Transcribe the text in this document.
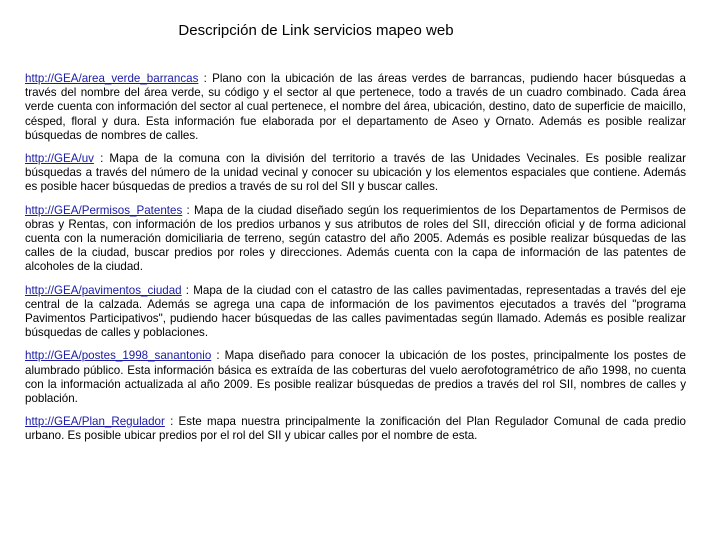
Descripción de Link servicios mapeo web

http://GEA/area_verde_barrancas : Plano con la ubicación de las áreas verdes de barrancas, pudiendo hacer búsquedas a través del nombre del área verde, su código y el sector al que pertenece, todo a través de un cuadro combinado. Cada área verde cuenta con información del sector al cual pertenece, el nombre del área, ubicación, destino, dato de superficie de maicillo, césped, floral y dura. Esta información fue elaborada por el departamento de Aseo y Ornato. Además es posible realizar búsquedas de nombres de calles.

http://GEA/uv : Mapa de la comuna con la división del territorio a través de las Unidades Vecinales. Es posible realizar búsquedas a través del número de la unidad vecinal y conocer su ubicación y los elementos espaciales que contiene. Además es posible hacer búsquedas de predios a través de su rol del SII y buscar calles.

http://GEA/Permisos_Patentes : Mapa de la ciudad diseñado según los requerimientos de los Departamentos de Permisos de obras y Rentas, con información de los predios urbanos y sus atributos de roles del SII, dirección oficial y de forma adicional cuenta con la numeración domiciliaria de terreno, según catastro del año 2005. Además es posible realizar búsquedas de las calles de la ciudad, buscar predios por roles y direcciones. Además cuenta con la capa de información de las patentes de alcoholes de la ciudad.

http://GEA/pavimentos_ciudad : Mapa de la ciudad con el catastro de las calles pavimentadas, representadas a través del eje central de la calzada. Además se agrega una capa de información de los pavimentos ejecutados a través del "programa Pavimentos Participativos", pudiendo hacer búsquedas de las calles pavimentadas según llamado. Además es posible realizar búsquedas de calles y poblaciones.

http://GEA/postes_1998_sanantonio : Mapa diseñado para conocer la ubicación de los postes, principalmente los postes de alumbrado público. Esta información básica es extraída de las coberturas del vuelo aerofotogramétrico de año 1998, no cuenta con la información actualizada al año 2009. Es posible realizar búsquedas de predios a través del rol SII, nombres de calles y población.

http://GEA/Plan_Regulador : Este mapa nuestra principalmente la zonificación del Plan Regulador Comunal de cada predio urbano. Es posible ubicar predios por el rol del SII y ubicar calles por el nombre de esta.
